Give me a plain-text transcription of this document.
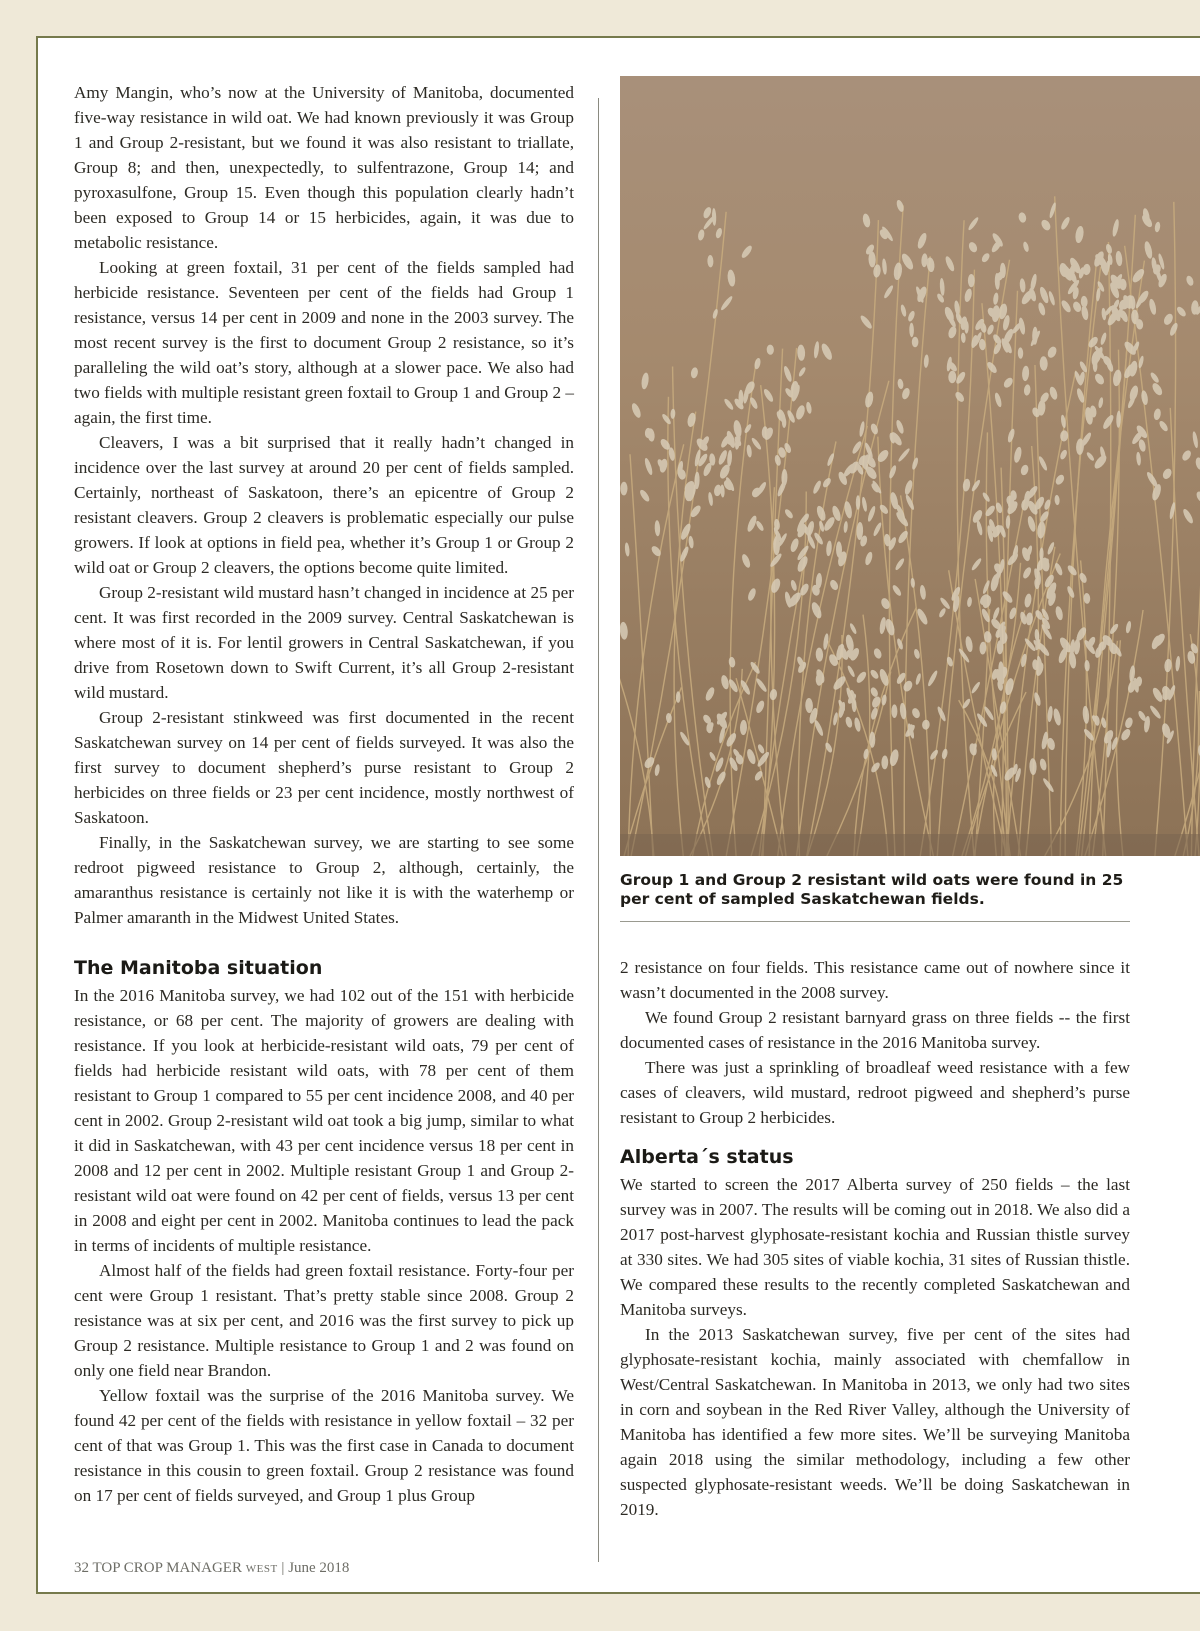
Amy Mangin, who’s now at the University of Manitoba, documented five-way resistance in wild oat. We had known previously it was Group 1 and Group 2-resistant, but we found it was also resistant to triallate, Group 8; and then, unexpectedly, to sulfentrazone, Group 14; and pyroxasulfone, Group 15. Even though this population clearly hadn’t been exposed to Group 14 or 15 herbicides, again, it was due to metabolic resistance.

Looking at green foxtail, 31 per cent of the fields sampled had herbicide resistance. Seventeen per cent of the fields had Group 1 resistance, versus 14 per cent in 2009 and none in the 2003 survey. The most recent survey is the first to document Group 2 resistance, so it’s paralleling the wild oat’s story, although at a slower pace. We also had two fields with multiple resistant green foxtail to Group 1 and Group 2 – again, the first time.

Cleavers, I was a bit surprised that it really hadn’t changed in incidence over the last survey at around 20 per cent of fields sampled. Certainly, northeast of Saskatoon, there’s an epicentre of Group 2 resistant cleavers. Group 2 cleavers is problematic especially our pulse growers. If look at options in field pea, whether it’s Group 1 or Group 2 wild oat or Group 2 cleavers, the options become quite limited.

Group 2-resistant wild mustard hasn’t changed in incidence at 25 per cent. It was first recorded in the 2009 survey. Central Saskatchewan is where most of it is. For lentil growers in Central Saskatchewan, if you drive from Rosetown down to Swift Current, it’s all Group 2-resistant wild mustard.

Group 2-resistant stinkweed was first documented in the recent Saskatchewan survey on 14 per cent of fields surveyed. It was also the first survey to document shepherd’s purse resistant to Group 2 herbicides on three fields or 23 per cent incidence, mostly northwest of Saskatoon.

Finally, in the Saskatchewan survey, we are starting to see some redroot pigweed resistance to Group 2, although, certainly, the amaranthus resistance is certainly not like it is with the waterhemp or Palmer amaranth in the Midwest United States.

Group 1 and Group 2 resistant wild oats were found in 25 per cent of sampled Saskatchewan fields.
The Manitoba situation

In the 2016 Manitoba survey, we had 102 out of the 151 with herbicide resistance, or 68 per cent. The majority of growers are dealing with resistance. If you look at herbicide-resistant wild oats, 79 per cent of fields had herbicide resistant wild oats, with 78 per cent of them resistant to Group 1 compared to 55 per cent incidence 2008, and 40 per cent in 2002. Group 2-resistant wild oat took a big jump, similar to what it did in Saskatchewan, with 43 per cent incidence versus 18 per cent in 2008 and 12 per cent in 2002. Multiple resistant Group 1 and Group 2-resistant wild oat were found on 42 per cent of fields, versus 13 per cent in 2008 and eight per cent in 2002. Manitoba continues to lead the pack in terms of incidents of multiple resistance.

Almost half of the fields had green foxtail resistance. Forty-four per cent were Group 1 resistant. That’s pretty stable since 2008. Group 2 resistance was at six per cent, and 2016 was the first survey to pick up Group 2 resistance. Multiple resistance to Group 1 and 2 was found on only one field near Brandon.

Yellow foxtail was the surprise of the 2016 Manitoba survey. We found 42 per cent of the fields with resistance in yellow foxtail – 32 per cent of that was Group 1. This was the first case in Canada to document resistance in this cousin to green foxtail. Group 2 resistance was found on 17 per cent of fields surveyed, and Group 1 plus Group

2 resistance on four fields. This resistance came out of nowhere since it wasn’t documented in the 2008 survey.

We found Group 2 resistant barnyard grass on three fields -- the first documented cases of resistance in the 2016 Manitoba survey.

There was just a sprinkling of broadleaf weed resistance with a few cases of cleavers, wild mustard, redroot pigweed and shepherd’s purse resistant to Group 2 herbicides.

Alberta´s status

We started to screen the 2017 Alberta survey of 250 fields – the last survey was in 2007. The results will be coming out in 2018. We also did a 2017 post-harvest glyphosate-resistant kochia and Russian thistle survey at 330 sites. We had 305 sites of viable kochia, 31 sites of Russian thistle. We compared these results to the recently completed Saskatchewan and Manitoba surveys.

In the 2013 Saskatchewan survey, five per cent of the sites had glyphosate-resistant kochia, mainly associated with chemfallow in West/Central Saskatchewan. In Manitoba in 2013, we only had two sites in corn and soybean in the Red River Valley, although the University of Manitoba has identified a few more sites. We’ll be surveying Manitoba again 2018 using the similar methodology, including a few other suspected glyphosate-resistant weeds. We’ll be doing Saskatchewan in 2019.

32 TOP CROP MANAGER WEST | June 2018
